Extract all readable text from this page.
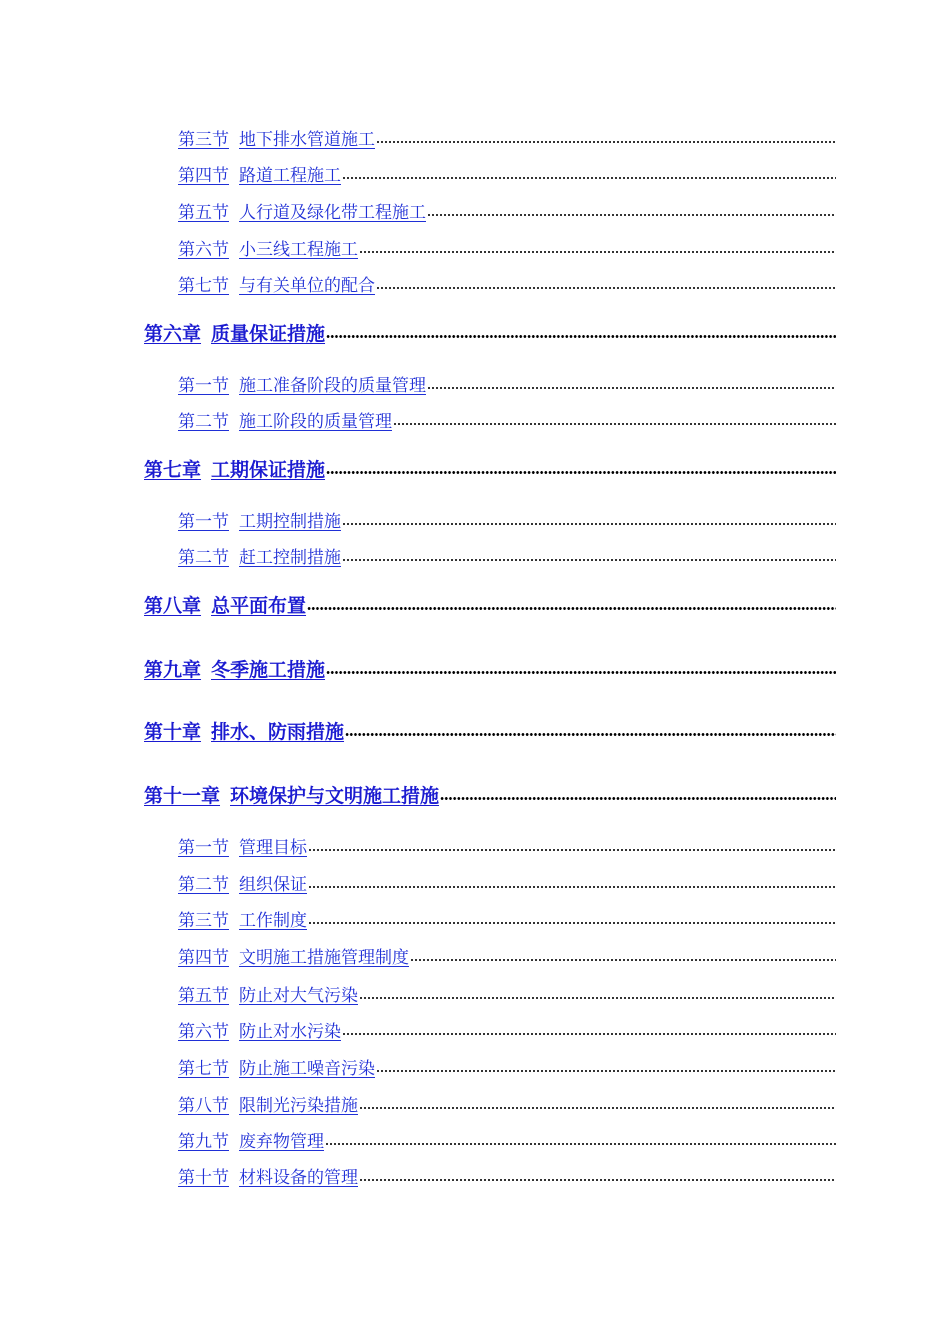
第三节 地下排水管道施工
第四节 路道工程施工
第五节 人行道及绿化带工程施工
第六节 小三线工程施工
第七节 与有关单位的配合
第六章 质量保证措施
第一节 施工准备阶段的质量管理
第二节 施工阶段的质量管理
第七章 工期保证措施
第一节 工期控制措施
第二节 赶工控制措施
第八章 总平面布置
第九章 冬季施工措施
第十章 排水、防雨措施
第十一章 环境保护与文明施工措施
第一节 管理目标
第二节 组织保证
第三节 工作制度
第四节 文明施工措施管理制度
第五节 防止对大气污染
第六节 防止对水污染
第七节 防止施工噪音污染
第八节 限制光污染措施
第九节 废弃物管理
第十节 材料设备的管理
